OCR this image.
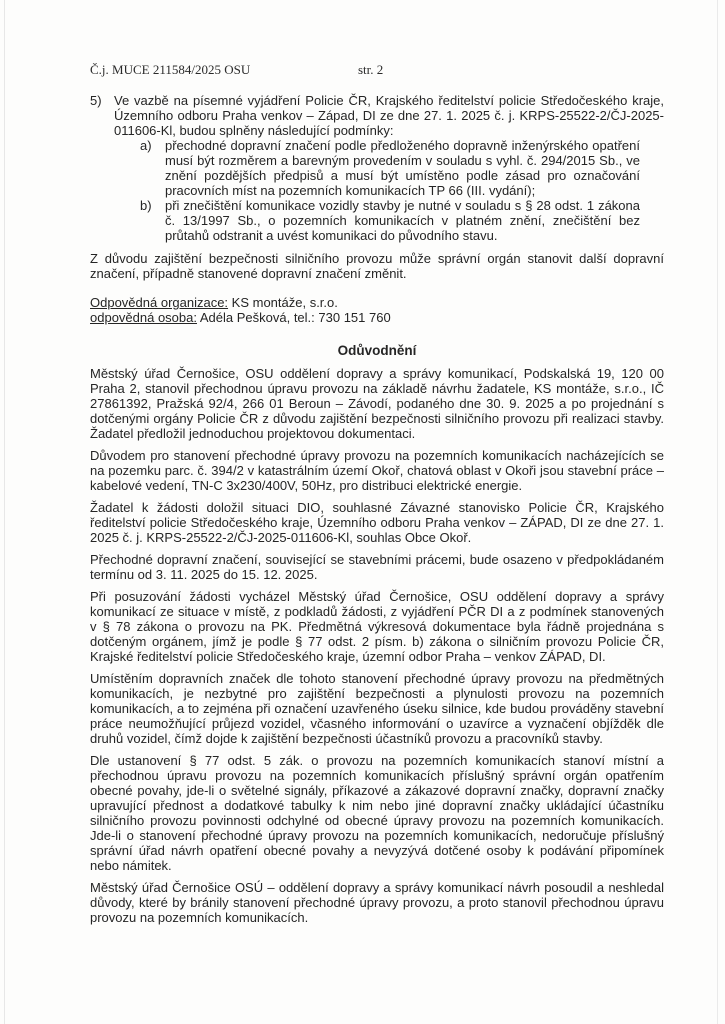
Č.j. MUCE 211584/2025 OSU	str. 2
5) Ve vazbě na písemné vyjádření Policie ČR, Krajského ředitelství policie Středočeského kraje, Územního odboru Praha venkov – Západ, DI ze dne 27. 1. 2025 č. j. KRPS-25522-2/ČJ-2025-011606-Kl, budou splněny následující podmínky:
a)	přechodné dopravní značení podle předloženého dopravně inženýrského opatření musí být rozměrem a barevným provedením v souladu s vyhl. č. 294/2015 Sb., ve znění pozdějších předpisů a musí být umístěno podle zásad pro označování pracovních míst na pozemních komunikacích TP 66 (III. vydání);
b)	při znečištění komunikace vozidly stavby je nutné v souladu s § 28 odst. 1 zákona č. 13/1997 Sb., o pozemních komunikacích v platném znění, znečištění bez průtahů odstranit a uvést komunikaci do původního stavu.
Z důvodu zajištění bezpečnosti silničního provozu může správní orgán stanovit další dopravní značení, případně stanovené dopravní značení změnit.
Odpovědná organizace: KS montáže, s.r.o.
odpovědná osoba: Adéla Pešková, tel.: 730 151 760
Odůvodnění
Městský úřad Černošice, OSU oddělení dopravy a správy komunikací, Podskalská 19, 120 00 Praha 2, stanovil přechodnou úpravu provozu na základě návrhu žadatele, KS montáže, s.r.o., IČ 27861392, Pražská 92/4, 266 01 Beroun – Závodí, podaného dne 30. 9. 2025 a po projednání s dotčenými orgány Policie ČR z důvodu zajištění bezpečnosti silničního provozu při realizaci stavby. Žadatel předložil jednoduchou projektovou dokumentaci.
Důvodem pro stanovení přechodné úpravy provozu na pozemních komunikacích nacházejících se na pozemku parc. č. 394/2 v katastrálním území Okoř, chatová oblast v Okoři jsou stavební práce – kabelové vedení, TN-C 3x230/400V, 50Hz, pro distribuci elektrické energie.
Žadatel k žádosti doložil situaci DIO, souhlasné Závazné stanovisko Policie ČR, Krajského ředitelství policie Středočeského kraje, Územního odboru Praha venkov – ZÁPAD, DI ze dne 27. 1. 2025 č. j. KRPS-25522-2/ČJ-2025-011606-Kl, souhlas Obce Okoř.
Přechodné dopravní značení, související se stavebními prácemi, bude osazeno v předpokládaném termínu od 3. 11. 2025 do 15. 12. 2025.
Při posuzování žádosti vycházel Městský úřad Černošice, OSU oddělení dopravy a správy komunikací ze situace v místě, z podkladů žádosti, z vyjádření PČR DI a z podmínek stanovených v § 78 zákona o provozu na PK. Předmětná výkresová dokumentace byla řádně projednána s dotčeným orgánem, jímž je podle § 77 odst. 2 písm. b) zákona o silničním provozu Policie ČR, Krajské ředitelství policie Středočeského kraje, územní odbor Praha – venkov ZÁPAD, DI.
Umístěním dopravních značek dle tohoto stanovení přechodné úpravy provozu na předmětných komunikacích, je nezbytné pro zajištění bezpečnosti a plynulosti provozu na pozemních komunikacích, a to zejména při označení uzavřeného úseku silnice, kde budou prováděny stavební práce neumožňující průjezd vozidel, včasného informování o uzavírce a vyznačení objížděk dle druhů vozidel, čímž dojde k zajištění bezpečnosti účastníků provozu a pracovníků stavby.
Dle ustanovení § 77 odst. 5 zák. o provozu na pozemních komunikacích stanoví místní a přechodnou úpravu provozu na pozemních komunikacích příslušný správní orgán opatřením obecné povahy, jde-li o světelné signály, příkazové a zákazové dopravní značky, dopravní značky upravující přednost a dodatkové tabulky k nim nebo jiné dopravní značky ukládající účastníku silničního provozu povinnosti odchylné od obecné úpravy provozu na pozemních komunikacích. Jde-li o stanovení přechodné úpravy provozu na pozemních komunikacích, nedoručuje příslušný správní úřad návrh opatření obecné povahy a nevyzývá dotčené osoby k podávání připomínek nebo námitek.
Městský úřad Černošice OSÚ – oddělení dopravy a správy komunikací návrh posoudil a neshledal důvody, které by bránily stanovení přechodné úpravy provozu, a proto stanovil přechodnou úpravu provozu na pozemních komunikacích.
